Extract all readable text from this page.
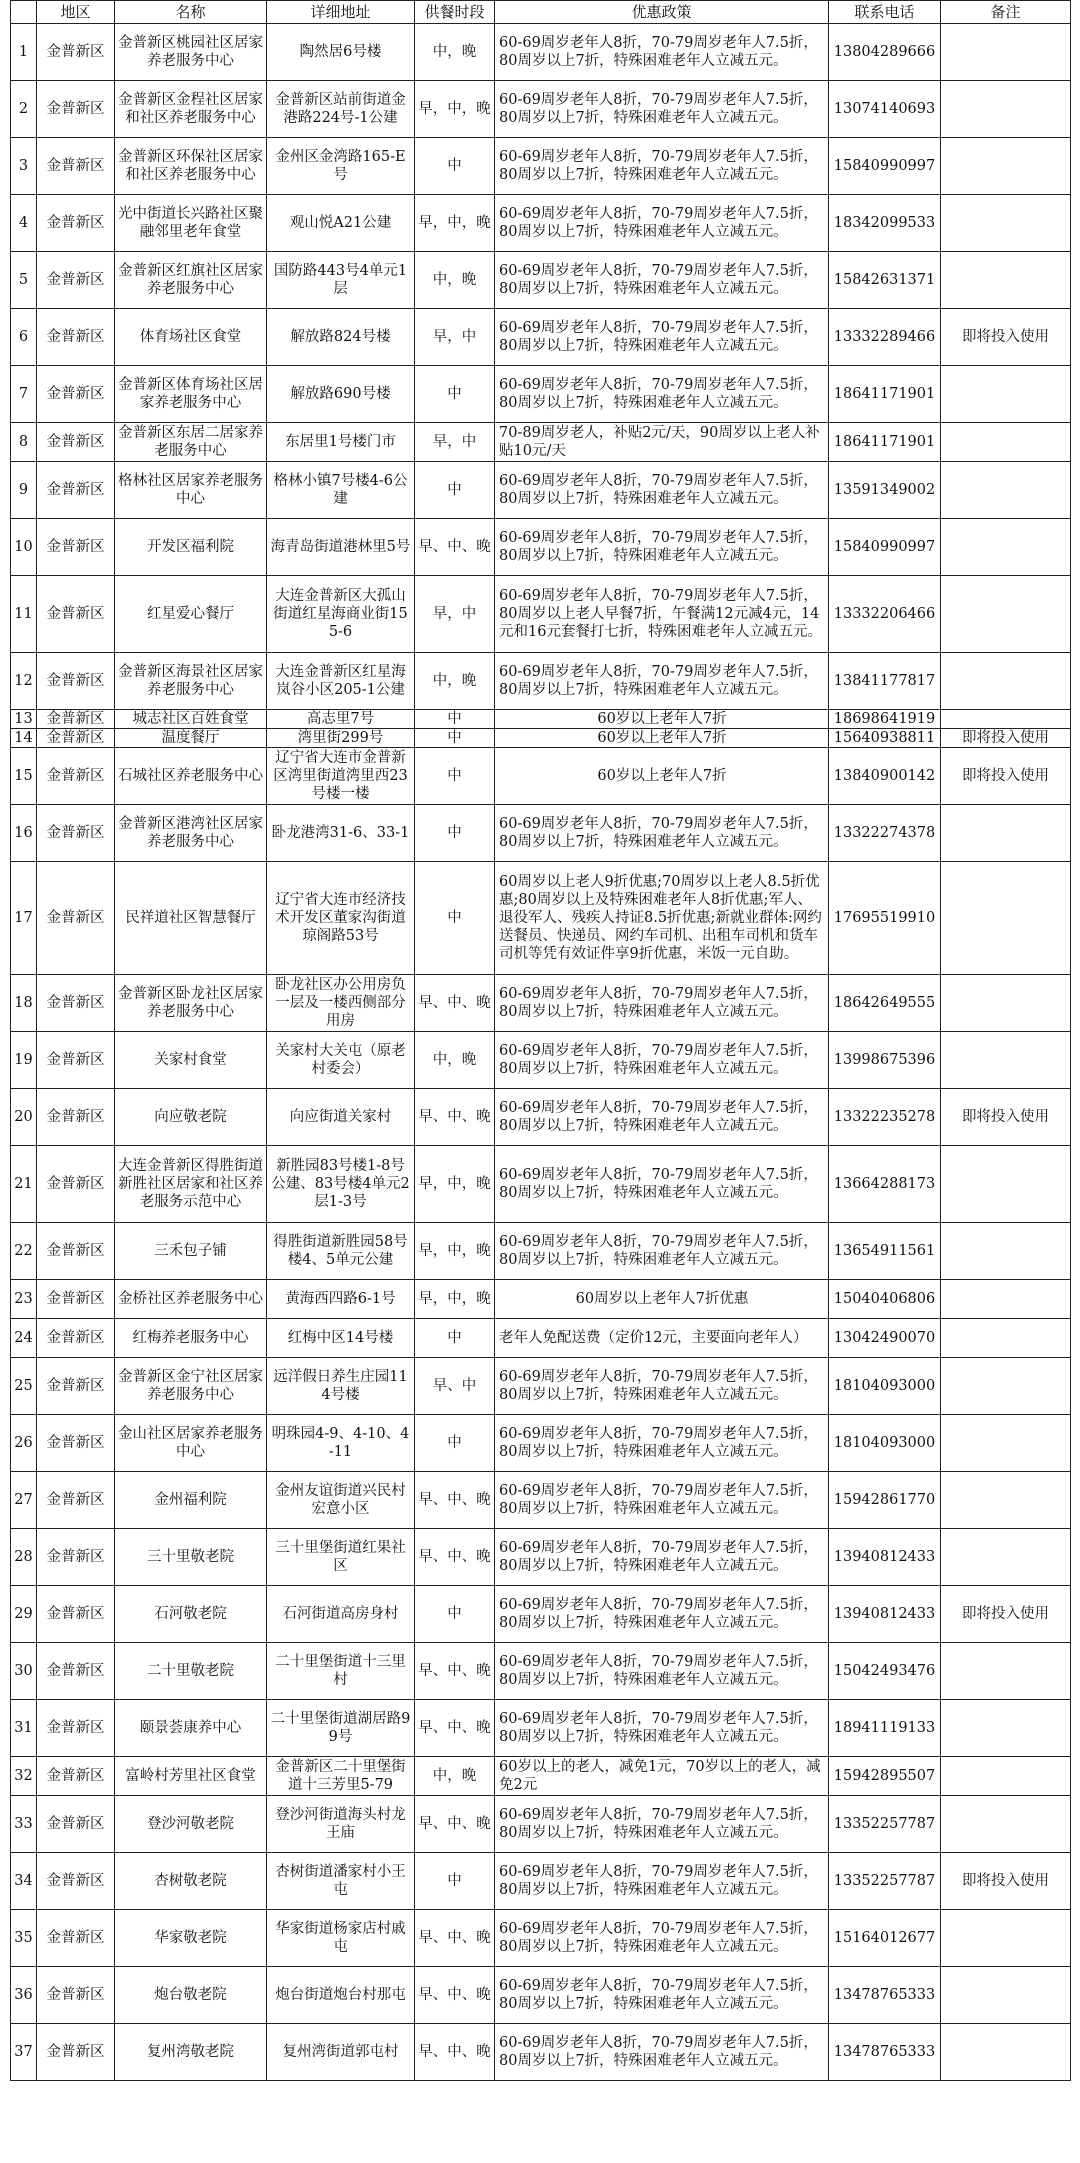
	地区	名称	详细地址	供餐时段	优惠政策	联系电话	备注
1	金普新区	金普新区桃园社区居家养老服务中心	陶然居6号楼	中，晚	60-69周岁老年人8折，70-79周岁老年人7.5折，80周岁以上7折，特殊困难老年人立减五元。	13804289666	
2	金普新区	金普新区金程社区居家和社区养老服务中心	金普新区站前街道金港路224号-1公建	早，中，晚	60-69周岁老年人8折，70-79周岁老年人7.5折，80周岁以上7折，特殊困难老年人立减五元。	13074140693	
3	金普新区	金普新区环保社区居家和社区养老服务中心	金州区金湾路165-E号	中	60-69周岁老年人8折，70-79周岁老年人7.5折，80周岁以上7折，特殊困难老年人立减五元。	15840990997	
4	金普新区	光中街道长兴路社区聚融邻里老年食堂	观山悦A21公建	早，中，晚	60-69周岁老年人8折，70-79周岁老年人7.5折，80周岁以上7折，特殊困难老年人立减五元。	18342099533	
5	金普新区	金普新区红旗社区居家养老服务中心	国防路443号4单元1层	中，晚	60-69周岁老年人8折，70-79周岁老年人7.5折，80周岁以上7折，特殊困难老年人立减五元。	15842631371	
6	金普新区	体育场社区食堂	解放路824号楼	早，中	60-69周岁老年人8折，70-79周岁老年人7.5折，80周岁以上7折，特殊困难老年人立减五元。	13332289466	即将投入使用
7	金普新区	金普新区体育场社区居家养老服务中心	解放路690号楼	中	60-69周岁老年人8折，70-79周岁老年人7.5折，80周岁以上7折，特殊困难老年人立减五元。	18641171901	
8	金普新区	金普新区东居二居家养老服务中心	东居里1号楼门市	早，中	70-89周岁老人，补贴2元/天，90周岁以上老人补贴10元/天	18641171901	
9	金普新区	格林社区居家养老服务中心	格林小镇7号楼4-6公建	中	60-69周岁老年人8折，70-79周岁老年人7.5折，80周岁以上7折，特殊困难老年人立减五元。	13591349002	
10	金普新区	开发区福利院	海青岛街道港林里5号	早、中、晚	60-69周岁老年人8折，70-79周岁老年人7.5折，80周岁以上7折，特殊困难老年人立减五元。	15840990997	
11	金普新区	红星爱心餐厅	大连金普新区大孤山街道红星海商业街155-6	早，中	60-69周岁老年人8折，70-79周岁老年人7.5折，80周岁以上老人早餐7折，午餐满12元减4元，14元和16元套餐打七折，特殊困难老年人立减五元。	13332206466	
12	金普新区	金普新区海景社区居家养老服务中心	大连金普新区红星海岚谷小区205-1公建	中，晚	60-69周岁老年人8折，70-79周岁老年人7.5折，80周岁以上7折，特殊困难老年人立减五元。	13841177817	
13	金普新区	城志社区百姓食堂	高志里7号	中	60岁以上老年人7折	18698641919	
14	金普新区	温度餐厅	湾里街299号	中	60岁以上老年人7折	15640938811	即将投入使用
15	金普新区	石城社区养老服务中心	辽宁省大连市金普新区湾里街道湾里西23号楼一楼	中	60岁以上老年人7折	13840900142	即将投入使用
16	金普新区	金普新区港湾社区居家养老服务中心	卧龙港湾31-6、33-1	中	60-69周岁老年人8折，70-79周岁老年人7.5折，80周岁以上7折，特殊困难老年人立减五元。	13322274378	
17	金普新区	民祥道社区智慧餐厅	辽宁省大连市经济技术开发区董家沟街道琼阁路53号	中	60周岁以上老人9折优惠;70周岁以上老人8.5折优惠;80周岁以上及特殊困难老年人8折优惠;军人、退役军人、残疾人持证8.5折优惠;新就业群体:网约送餐员、快递员、网约车司机、出租车司机和货车司机等凭有效证件享9折优惠，米饭一元自助。	17695519910	
18	金普新区	金普新区卧龙社区居家养老服务中心	卧龙社区办公用房负一层及一楼西侧部分用房	早、中、晚	60-69周岁老年人8折，70-79周岁老年人7.5折，80周岁以上7折，特殊困难老年人立减五元。	18642649555	
19	金普新区	关家村食堂	关家村大关屯（原老村委会）	中，晚	60-69周岁老年人8折，70-79周岁老年人7.5折，80周岁以上7折，特殊困难老年人立减五元。	13998675396	
20	金普新区	向应敬老院	向应街道关家村	早、中、晚	60-69周岁老年人8折，70-79周岁老年人7.5折，80周岁以上7折，特殊困难老年人立减五元。	13322235278	即将投入使用
21	金普新区	大连金普新区得胜街道新胜社区居家和社区养老服务示范中心	新胜园83号楼1-8号公建、83号楼4单元2层1-3号	早，中，晚	60-69周岁老年人8折，70-79周岁老年人7.5折，80周岁以上7折，特殊困难老年人立减五元。	13664288173	
22	金普新区	三禾包子铺	得胜街道新胜园58号楼4、5单元公建	早，中，晚	60-69周岁老年人8折，70-79周岁老年人7.5折，80周岁以上7折，特殊困难老年人立减五元。	13654911561	
23	金普新区	金桥社区养老服务中心	黄海西四路6-1号	早，中，晚	60周岁以上老年人7折优惠	15040406806	
24	金普新区	红梅养老服务中心	红梅中区14号楼	中	老年人免配送费（定价12元，主要面向老年人）	13042490070	
25	金普新区	金普新区金宁社区居家养老服务中心	远洋假日养生庄园114号楼	早、中	60-69周岁老年人8折，70-79周岁老年人7.5折，80周岁以上7折，特殊困难老年人立减五元。	18104093000	
26	金普新区	金山社区居家养老服务中心	明珠园4-9、4-10、4-11	中	60-69周岁老年人8折，70-79周岁老年人7.5折，80周岁以上7折，特殊困难老年人立减五元。	18104093000	
27	金普新区	金州福利院	金州友谊街道兴民村宏意小区	早、中、晚	60-69周岁老年人8折，70-79周岁老年人7.5折，80周岁以上7折，特殊困难老年人立减五元。	15942861770	
28	金普新区	三十里敬老院	三十里堡街道红果社区	早、中、晚	60-69周岁老年人8折，70-79周岁老年人7.5折，80周岁以上7折，特殊困难老年人立减五元。	13940812433	
29	金普新区	石河敬老院	石河街道高房身村	中	60-69周岁老年人8折，70-79周岁老年人7.5折，80周岁以上7折，特殊困难老年人立减五元。	13940812433	即将投入使用
30	金普新区	二十里敬老院	二十里堡街道十三里村	早、中、晚	60-69周岁老年人8折，70-79周岁老年人7.5折，80周岁以上7折，特殊困难老年人立减五元。	15042493476	
31	金普新区	颐景荟康养中心	二十里堡街道湖居路99号	早、中、晚	60-69周岁老年人8折，70-79周岁老年人7.5折，80周岁以上7折，特殊困难老年人立减五元。	18941119133	
32	金普新区	富岭村芳里社区食堂	金普新区二十里堡街道十三芳里5-79	中，晚	60岁以上的老人，减免1元，70岁以上的老人，减免2元	15942895507	
33	金普新区	登沙河敬老院	登沙河街道海头村龙王庙	早、中、晚	60-69周岁老年人8折，70-79周岁老年人7.5折，80周岁以上7折，特殊困难老年人立减五元。	13352257787	
34	金普新区	杏树敬老院	杏树街道潘家村小王屯	中	60-69周岁老年人8折，70-79周岁老年人7.5折，80周岁以上7折，特殊困难老年人立减五元。	13352257787	即将投入使用
35	金普新区	华家敬老院	华家街道杨家店村戚屯	早、中、晚	60-69周岁老年人8折，70-79周岁老年人7.5折，80周岁以上7折，特殊困难老年人立减五元。	15164012677	
36	金普新区	炮台敬老院	炮台街道炮台村那屯	早、中、晚	60-69周岁老年人8折，70-79周岁老年人7.5折，80周岁以上7折，特殊困难老年人立减五元。	13478765333	
37	金普新区	复州湾敬老院	复州湾街道郭屯村	早、中、晚	60-69周岁老年人8折，70-79周岁老年人7.5折，80周岁以上7折，特殊困难老年人立减五元。	13478765333	
